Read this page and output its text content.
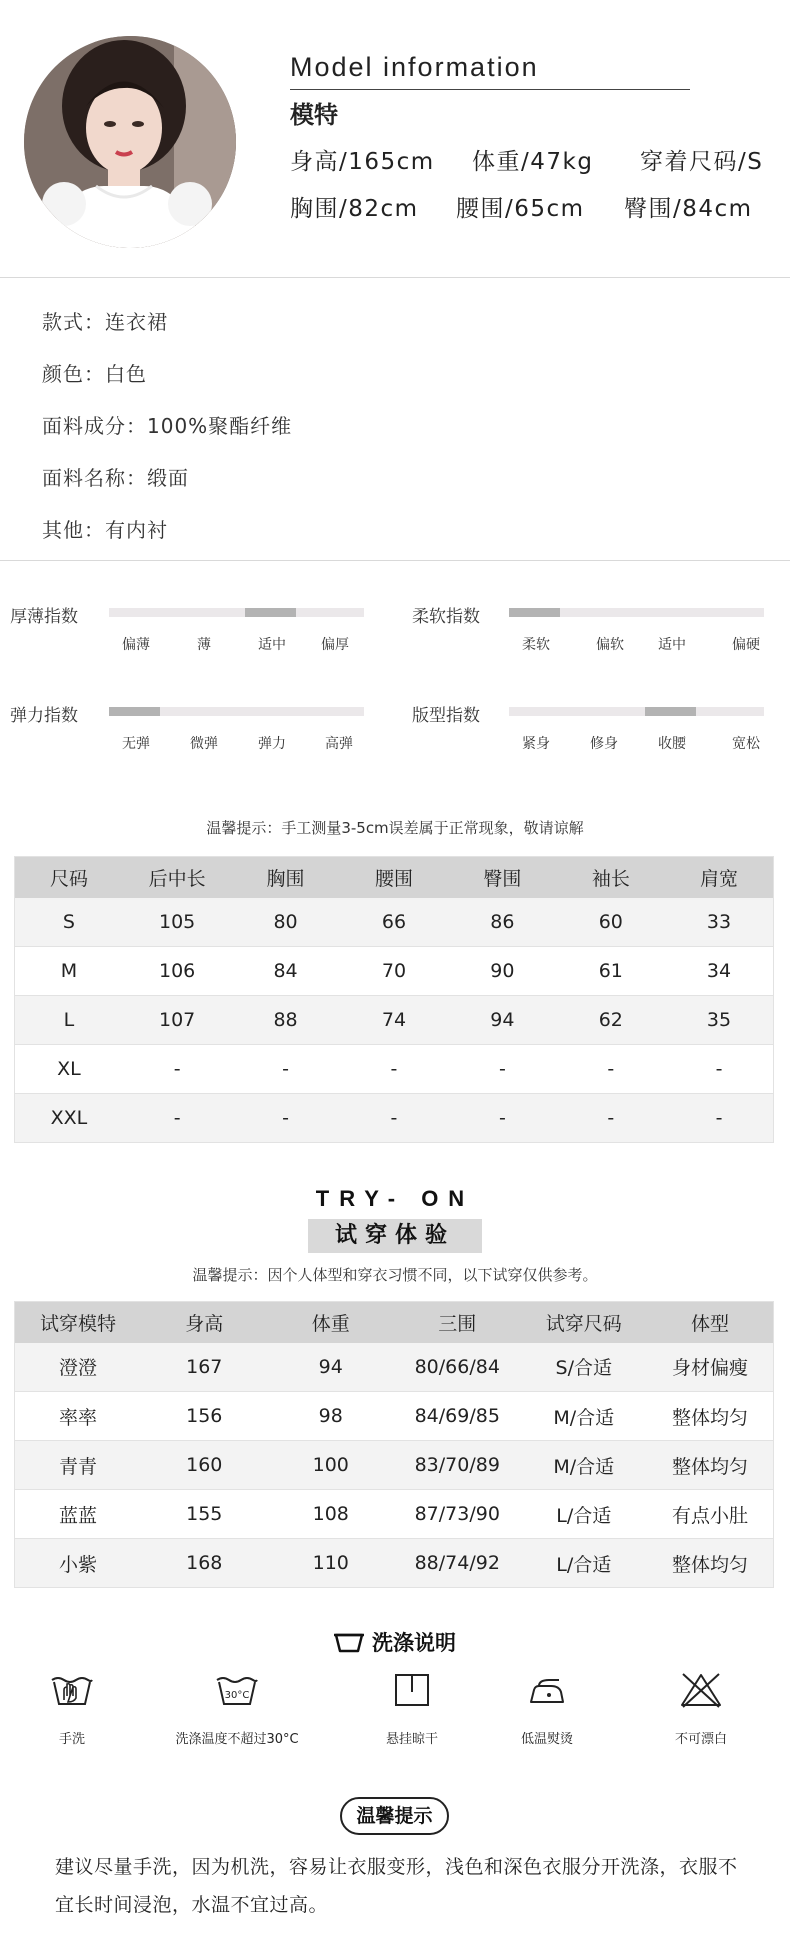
Model information
模特
身高/165cm 体重/47kg 穿着尺码/S
胸围/82cm 腰围/65cm 臀围/84cm
款式：连衣裙
颜色：白色
面料成分：100%聚酯纤维
面料名称：缎面
其他：有内衬
厚薄指数
偏薄	薄	适中	偏厚
柔软指数
柔软	偏软 适中	偏硬
弹力指数
无弹	微弹	弹力	高弹
版型指数
紧身	修身	收腰	宽松
温馨提示：手工测量3-5cm误差属于正常现象，敬请谅解
尺码	后中长	胸围	腰围	臀围	袖长	肩宽
S	105	80	66	86	60	33
M	106	84	70	90	61	34
L	107	88	74	94	62	35
XL	-	-	-	-	-	-
XXL	-	-	-	-	-	-
TRY- ON
试穿体验
温馨提示：因个人体型和穿衣习惯不同，以下试穿仅供参考。
试穿模特	身高	体重	三围	试穿尺码	体型
澄澄	167	94	80/66/84	S/合适	身材偏瘦
率率	156	98	84/69/85	M/合适	整体均匀
青青	160	100	83/70/89	M/合适	整体均匀
蓝蓝	155	108	87/73/90	L/合适	有点小肚
小紫	168	110	88/74/92	L/合适	整体均匀
洗涤说明
手洗
30°C
洗涤温度不超过30°C	悬挂晾干	低温熨烫	不可漂白
温馨提示
建议尽量手洗，因为机洗，容易让衣服变形，浅色和深色衣服分开洗涤，衣服不宜长时间浸泡，水温不宜过高。
